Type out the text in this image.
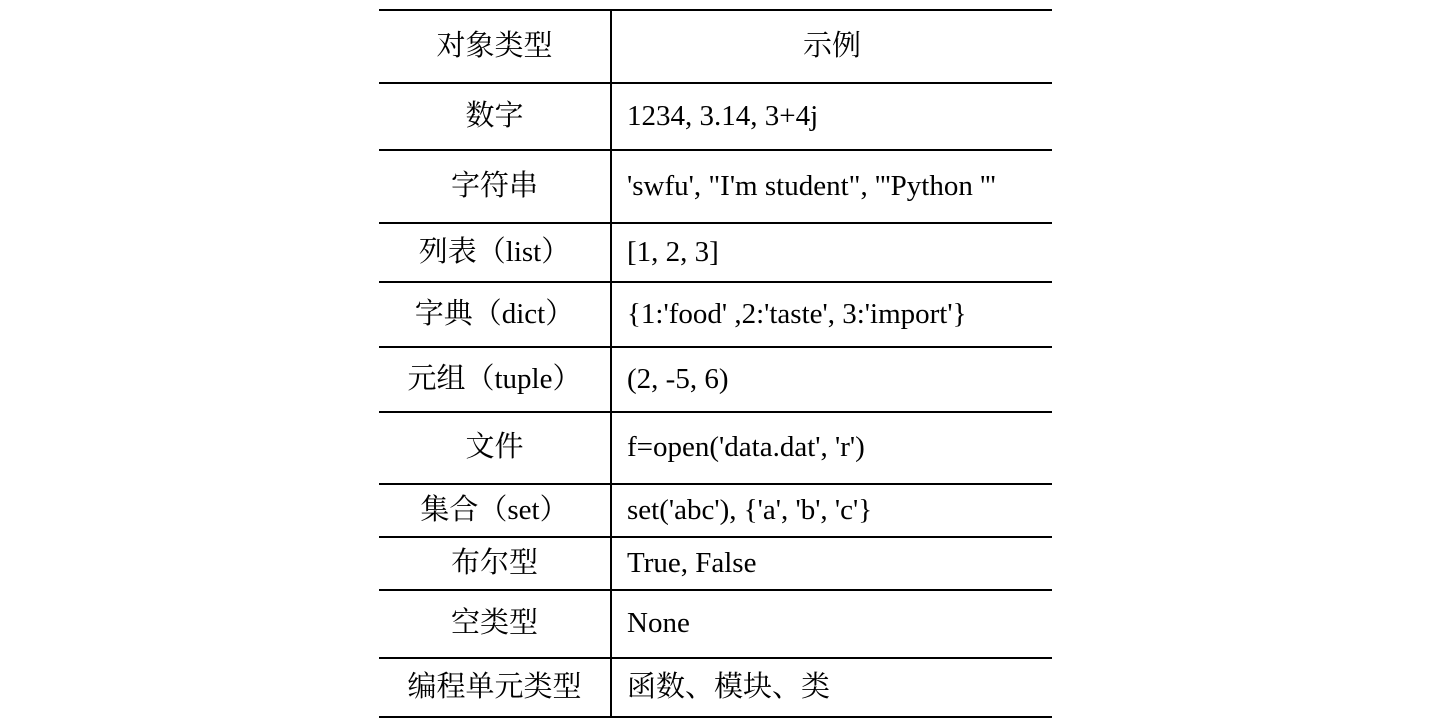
对象类型	示例
数字	1234, 3.14, 3+4j
字符串	'swfu', "I'm student", '''Python '''
列表（list）	[1, 2, 3]
字典（dict）	{1:'food' ,2:'taste', 3:'import'}
元组（tuple）	(2, -5, 6)
文件	f=open('data.dat', 'r')
集合（set）	set('abc'), {'a', 'b', 'c'}
布尔型	True, False
空类型	None
编程单元类型	函数、模块、类
